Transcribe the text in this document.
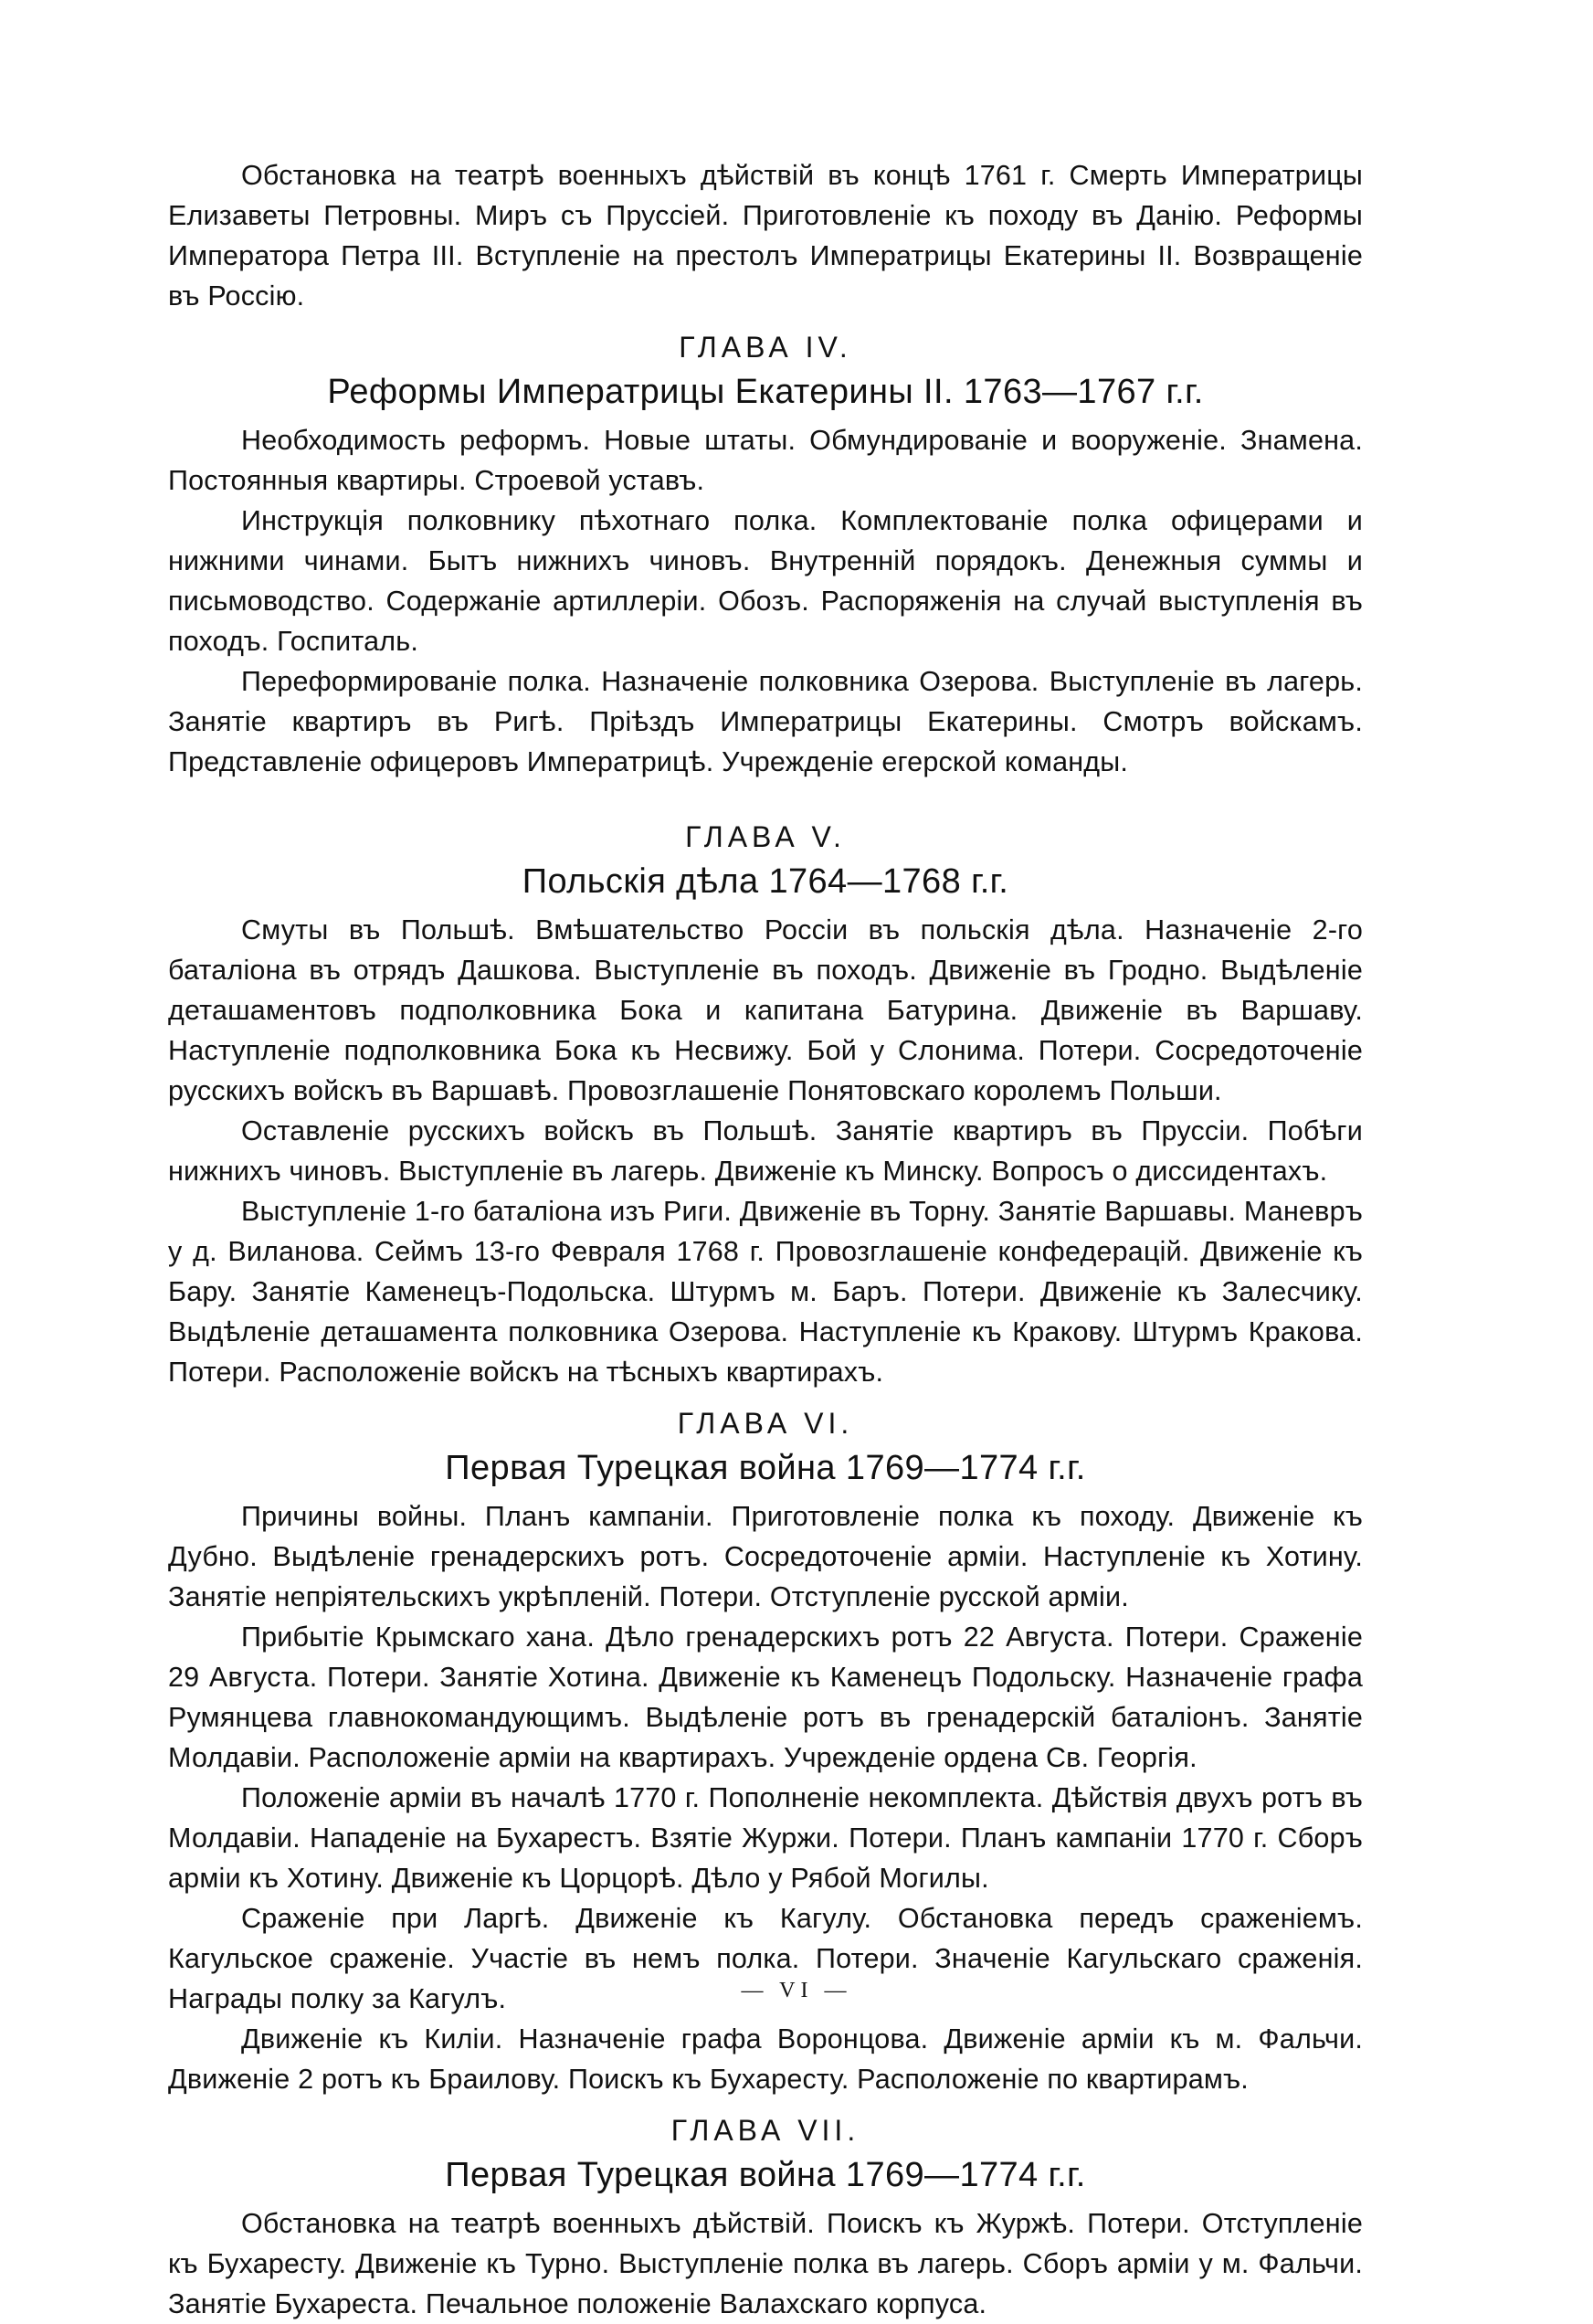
Обстановка на театрѣ военныхъ дѣйствій въ концѣ 1761 г. Смерть Императрицы Елизаветы Петровны. Миръ съ Пруссіей. Приготовленіе къ походу въ Данію. Реформы Императора Петра III. Вступленіе на престолъ Императрицы Екатерины II. Возвращеніе въ Россію.

ГЛАВА IV.

Реформы Императрицы Екатерины II. 1763—1767 г.г.

Необходимость реформъ. Новые штаты. Обмундированіе и вооруженіе. Знамена. Постоянныя квартиры. Строевой уставъ.

Инструкція полковнику пѣхотнаго полка. Комплектованіе полка офицерами и нижними чинами. Бытъ нижнихъ чиновъ. Внутренній порядокъ. Денежныя суммы и письмоводство. Содержаніе артиллеріи. Обозъ. Распоряженія на случай выступленія въ походъ. Госпиталь.

Переформированіе полка. Назначеніе полковника Озерова. Выступленіе въ лагерь. Занятіе квартиръ въ Ригѣ. Пріѣздъ Императрицы Екатерины. Смотръ войскамъ. Представленіе офицеровъ Императрицѣ. Учрежденіе егерской команды.

ГЛАВА V.

Польскія дѣла 1764—1768 г.г.

Смуты въ Польшѣ. Вмѣшательство Россіи въ польскія дѣла. Назначеніе 2-го баталіона въ отрядъ Дашкова. Выступленіе въ походъ. Движеніе въ Гродно. Выдѣленіе деташаментовъ подполковника Бока и капитана Батурина. Движеніе въ Варшаву. Наступленіе подполковника Бока къ Несвижу. Бой у Слонима. Потери. Сосредоточеніе русскихъ войскъ въ Варшавѣ. Провозглашеніе Понятовскаго королемъ Польши.

Оставленіе русскихъ войскъ въ Польшѣ. Занятіе квартиръ въ Пруссіи. Побѣги нижнихъ чиновъ. Выступленіе въ лагерь. Движеніе къ Минску. Вопросъ о диссидентахъ.

Выступленіе 1-го баталіона изъ Риги. Движеніе въ Торну. Занятіе Варшавы. Маневръ у д. Виланова. Сеймъ 13-го Февраля 1768 г. Провозглашеніе конфедерацій. Движеніе къ Бару. Занятіе Каменецъ-Подольска. Штурмъ м. Баръ. Потери. Движеніе къ Залесчику. Выдѣленіе деташамента полковника Озерова. Наступленіе къ Кракову. Штурмъ Кракова. Потери. Расположеніе войскъ на тѣсныхъ квартирахъ.

ГЛАВА VI.

Первая Турецкая война 1769—1774 г.г.

Причины войны. Планъ кампаніи. Приготовленіе полка къ походу. Движеніе къ Дубно. Выдѣленіе гренадерскихъ ротъ. Сосредоточеніе арміи. Наступленіе къ Хотину. Занятіе непріятельскихъ укрѣпленій. Потери. Отступленіе русской арміи.

Прибытіе Крымскаго хана. Дѣло гренадерскихъ ротъ 22 Августа. Потери. Сраженіе 29 Августа. Потери. Занятіе Хотина. Движеніе къ Каменецъ Подольску. Назначеніе графа Румянцева главнокомандующимъ. Выдѣленіе ротъ въ гренадерскій баталіонъ. Занятіе Молдавіи. Расположеніе арміи на квартирахъ. Учрежденіе ордена Св. Георгія.

Положеніе арміи въ началѣ 1770 г. Пополненіе некомплекта. Дѣйствія двухъ ротъ въ Молдавіи. Нападеніе на Бухарестъ. Взятіе Журжи. Потери. Планъ кампаніи 1770 г. Сборъ арміи къ Хотину. Движеніе къ Цорцорѣ. Дѣло у Рябой Могилы.

Сраженіе при Ларгѣ. Движеніе къ Кагулу. Обстановка передъ сраженіемъ. Кагульское сраженіе. Участіе въ немъ полка. Потери. Значеніе Кагульскаго сраженія. Награды полку за Кагулъ.

Движеніе къ Киліи. Назначеніе графа Воронцова. Движеніе арміи къ м. Фальчи. Движеніе 2 ротъ къ Браилову. Поискъ къ Бухаресту. Расположеніе по квартирамъ.

ГЛАВА VII.

Первая Турецкая война 1769—1774 г.г.

Обстановка на театрѣ военныхъ дѣйствій. Поискъ къ Журжѣ. Потери. Отступленіе къ Бухаресту. Движеніе къ Турно. Выступленіе полка въ лагерь. Сборъ арміи у м. Фальчи. Занятіе Бухареста. Печальное положеніе Валахскаго корпуса.

— VI —
